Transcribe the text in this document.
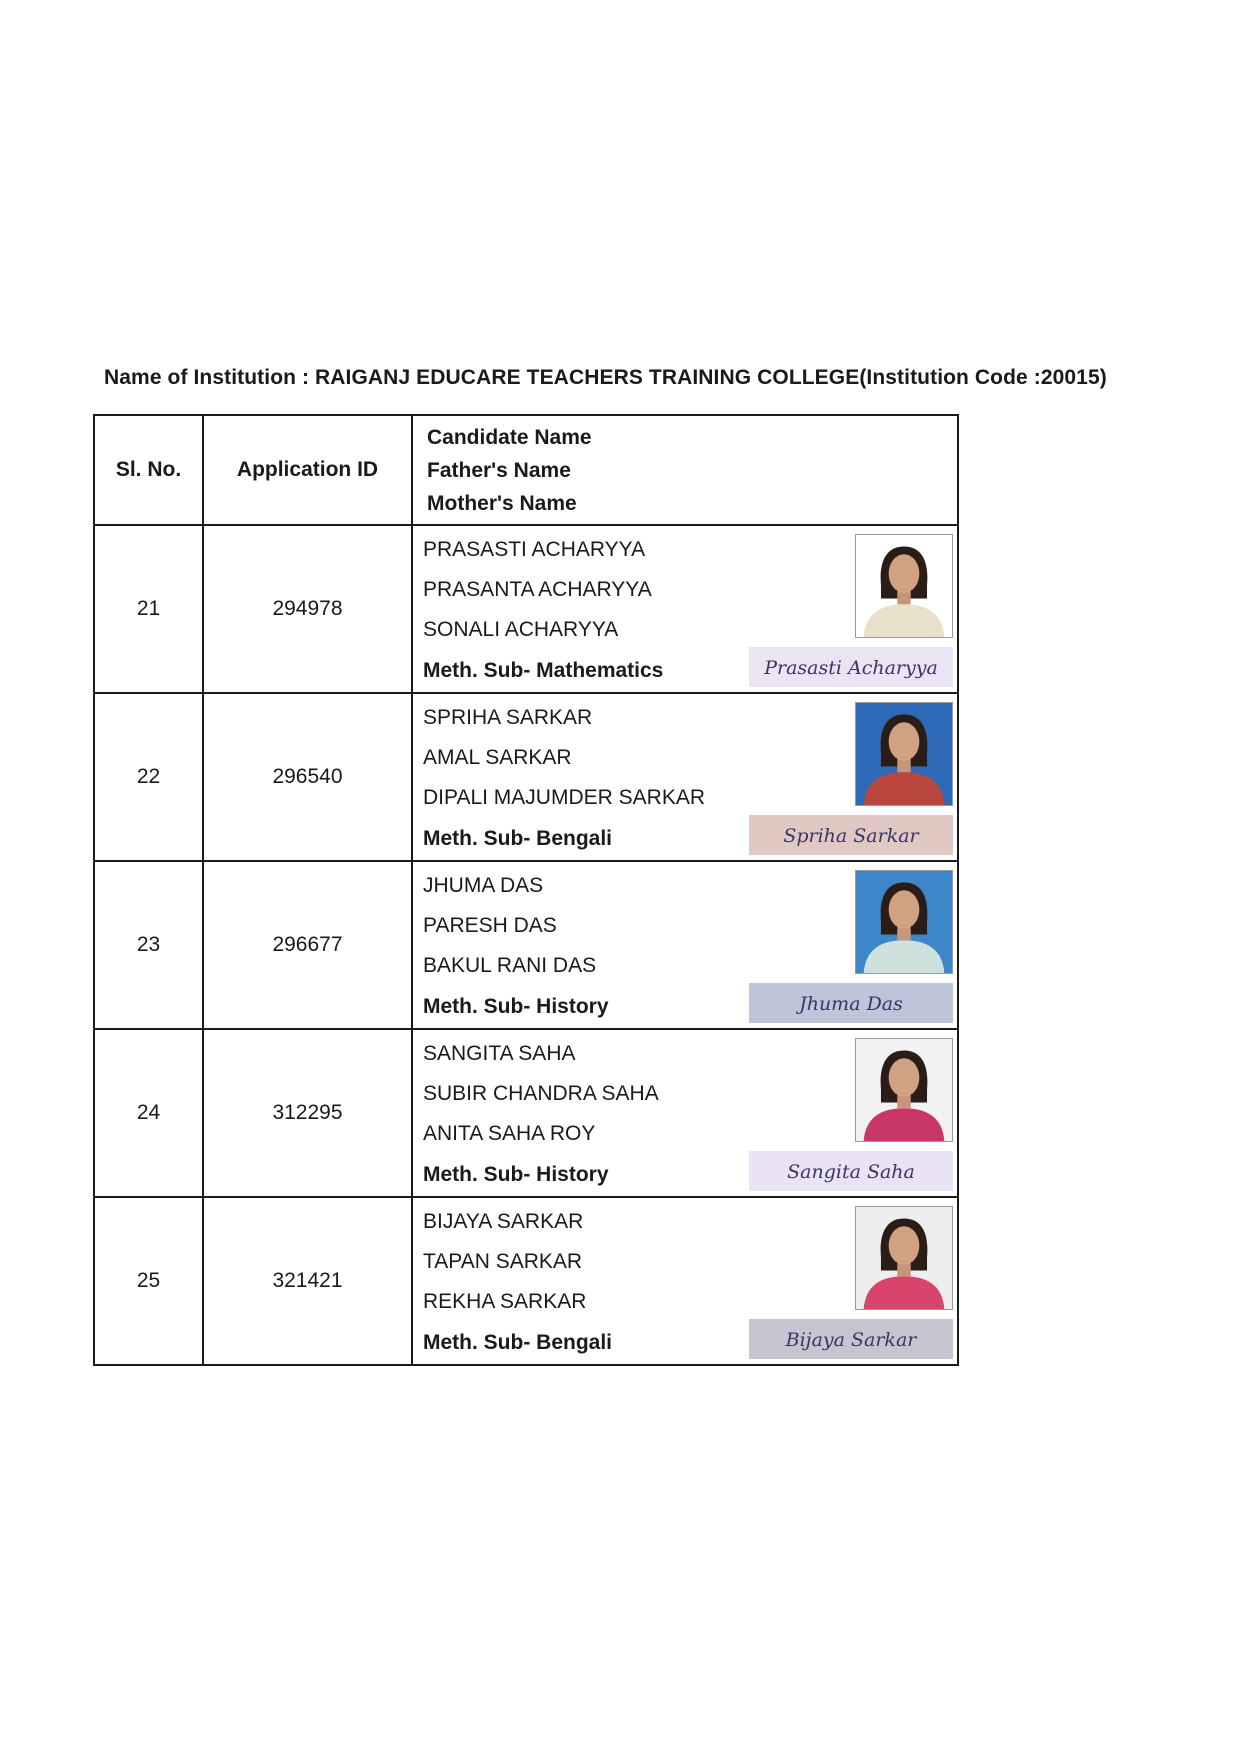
Name of Institution : RAIGANJ EDUCARE TEACHERS TRAINING COLLEGE(Institution Code :20015)
Sl. No.	Application ID	Candidate Name
Father's Name
Mother's Name

21	294978	PRASASTI ACHARYYA
PRASANTA ACHARYYA
SONALI ACHARYYA
Meth. Sub- Mathematics Prasasti Acharyya

22	296540	SPRIHA SARKAR
AMAL SARKAR
DIPALI MAJUMDER SARKAR
Meth. Sub- Bengali Spriha Sarkar

23	296677	JHUMA DAS
PARESH DAS
BAKUL RANI DAS
Meth. Sub- History Jhuma Das

24	312295	SANGITA SAHA
SUBIR CHANDRA SAHA
ANITA SAHA ROY
Meth. Sub- History Sangita Saha

25	321421	BIJAYA SARKAR
TAPAN SARKAR
REKHA SARKAR
Meth. Sub- Bengali Bijaya Sarkar
